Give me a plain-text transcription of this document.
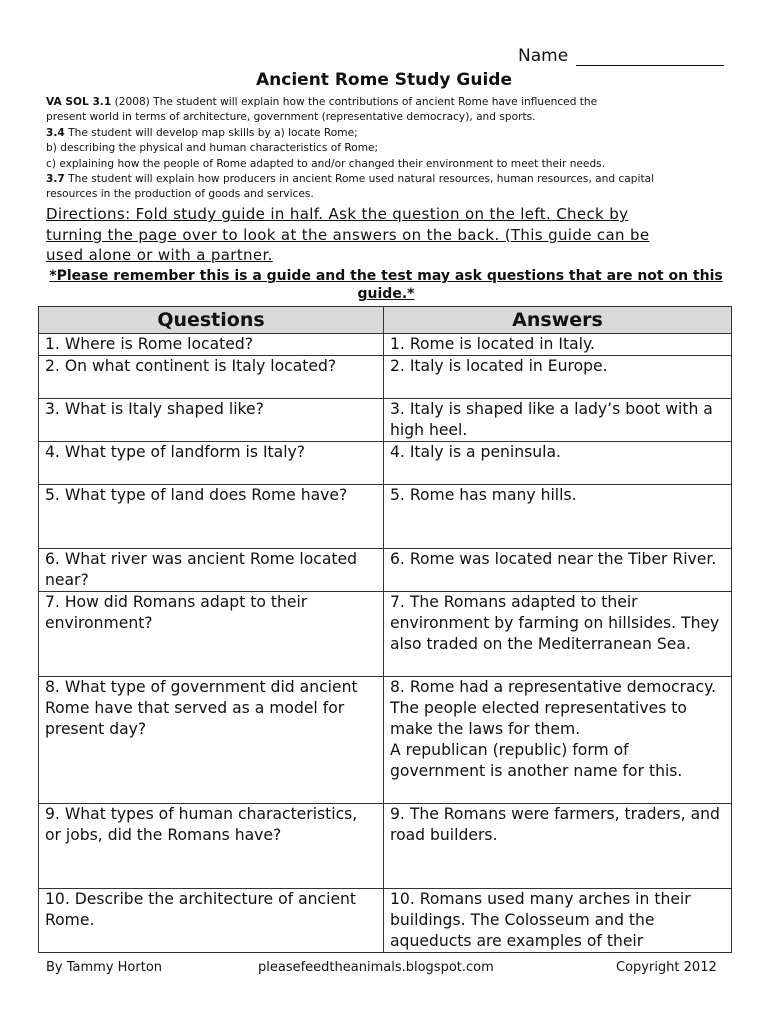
Name
Ancient Rome Study Guide
VA SOL 3.1 (2008) The student will explain how the contributions of ancient Rome have influenced the
present world in terms of architecture, government (representative democracy), and sports.
3.4 The student will develop map skills by a) locate Rome;
b) describing the physical and human characteristics of Rome;
c) explaining how the people of Rome adapted to and/or changed their environment to meet their needs.
3.7 The student will explain how producers in ancient Rome used natural resources, human resources, and capital
resources in the production of goods and services.
Directions: Fold study guide in half. Ask the question on the left. Check by
turning the page over to look at the answers on the back. (This guide can be
used alone or with a partner.
*Please remember this is a guide and the test may ask questions that are not on this guide.*
Questions	Answers
1. Where is Rome located?	1. Rome is located in Italy.
2. On what continent is Italy located?	2. Italy is located in Europe.
3. What is Italy shaped like?	3. Italy is shaped like a lady’s boot with a high heel.
4. What type of landform is Italy?	4. Italy is a peninsula.
5. What type of land does Rome have?	5. Rome has many hills.
6. What river was ancient Rome located near?	6. Rome was located near the Tiber River.
7. How did Romans adapt to their environment?	7. The Romans adapted to their environment by farming on hillsides. They also traded on the Mediterranean Sea.
8. What type of government did ancient Rome have that served as a model for present day?	8. Rome had a representative democracy. The people elected representatives to make the laws for them.
A republican (republic) form of government is another name for this.
9. What types of human characteristics, or jobs, did the Romans have?	9. The Romans were farmers, traders, and road builders.
10. Describe the architecture of ancient Rome.	10. Romans used many arches in their buildings. The Colosseum and the aqueducts are examples of their
By Tammy Horton	pleasefeedtheanimals.blogspot.com	Copyright 2012
